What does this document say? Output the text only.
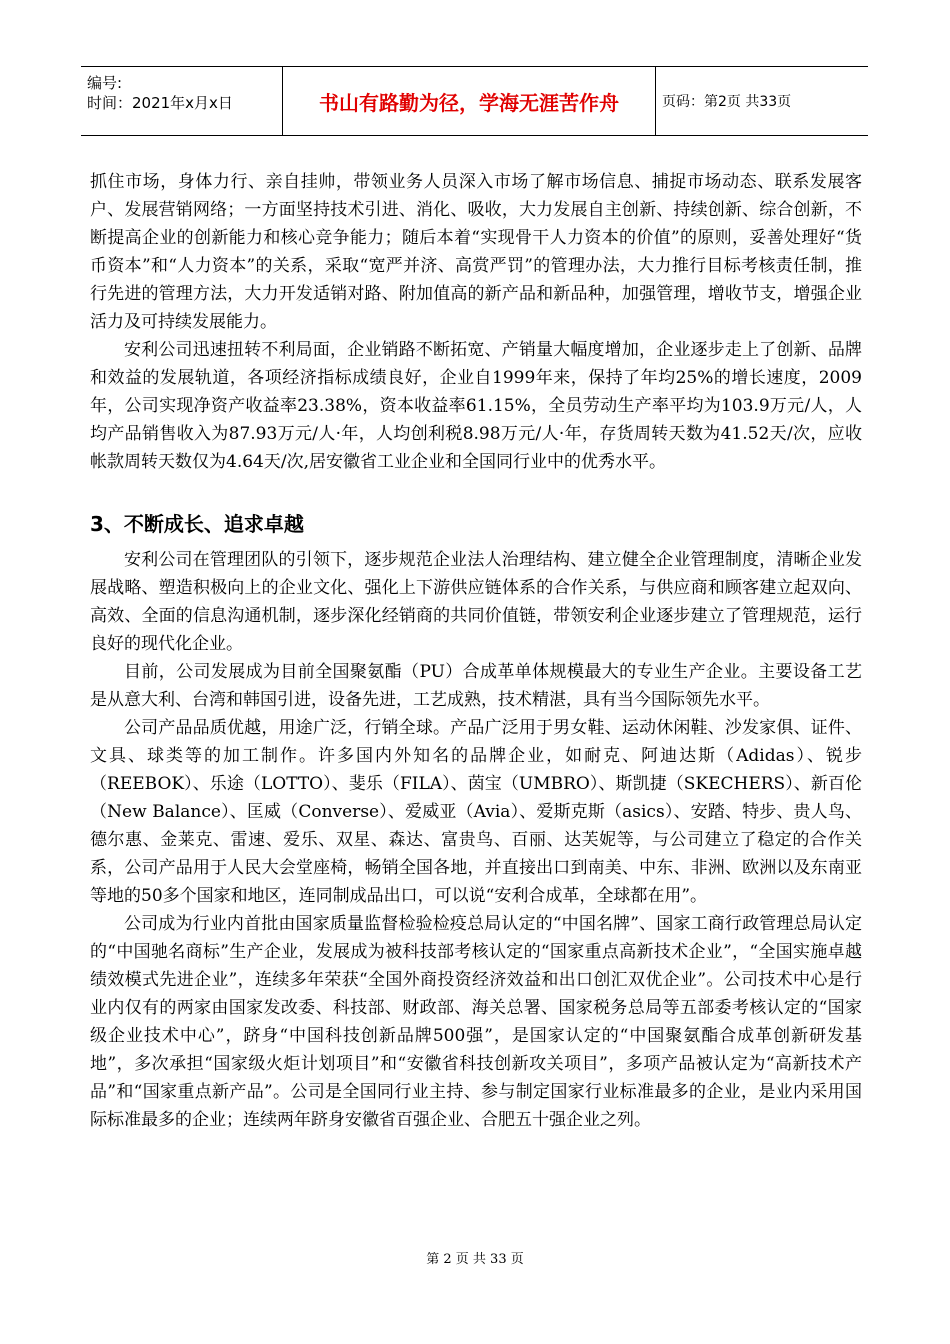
编号:
时间：2021年x月x日	书山有路勤为径，学海无涯苦作舟	页码：第2页 共33页

抓住市场，身体力行、亲自挂帅，带领业务人员深入市场了解市场信息、捕捉市场动态、联系发展客户、发展营销网络；一方面坚持技术引进、消化、吸收，大力发展自主创新、持续创新、综合创新，不断提高企业的创新能力和核心竞争能力；随后本着“实现骨干人力资本的价值”的原则，妥善处理好“货币资本”和“人力资本”的关系，采取“宽严并济、高赏严罚”的管理办法，大力推行目标考核责任制，推行先进的管理方法，大力开发适销对路、附加值高的新产品和新品种，加强管理，增收节支，增强企业活力及可持续发展能力。

安利公司迅速扭转不利局面，企业销路不断拓宽、产销量大幅度增加，企业逐步走上了创新、品牌和效益的发展轨道，各项经济指标成绩良好，企业自1999年来，保持了年均25%的增长速度，2009年，公司实现净资产收益率23.38%，资本收益率61.15%，全员劳动生产率平均为103.9万元/人，人均产品销售收入为87.93万元/人·年，人均创利税8.98万元/人·年，存货周转天数为41.52天/次，应收帐款周转天数仅为4.64天/次,居安徽省工业企业和全国同行业中的优秀水平。

3、不断成长、追求卓越

安利公司在管理团队的引领下，逐步规范企业法人治理结构、建立健全企业管理制度，清晰企业发展战略、塑造积极向上的企业文化、强化上下游供应链体系的合作关系，与供应商和顾客建立起双向、高效、全面的信息沟通机制，逐步深化经销商的共同价值链，带领安利企业逐步建立了管理规范，运行良好的现代化企业。

目前，公司发展成为目前全国聚氨酯（PU）合成革单体规模最大的专业生产企业。主要设备工艺是从意大利、台湾和韩国引进，设备先进，工艺成熟，技术精湛，具有当今国际领先水平。

公司产品品质优越，用途广泛，行销全球。产品广泛用于男女鞋、运动休闲鞋、沙发家俱、证件、文具、球类等的加工制作。许多国内外知名的品牌企业，如耐克、阿迪达斯（Adidas）、锐步（REEBOK）、乐途（LOTTO）、斐乐（FILA）、茵宝（UMBRO）、斯凯捷（SKECHERS）、新百伦（New Balance）、匡威（Converse）、爱威亚（Avia）、爱斯克斯（asics）、安踏、特步、贵人鸟、德尔惠、金莱克、雷速、爱乐、双星、森达、富贵鸟、百丽、达芙妮等，与公司建立了稳定的合作关系，公司产品用于人民大会堂座椅，畅销全国各地，并直接出口到南美、中东、非洲、欧洲以及东南亚等地的50多个国家和地区，连同制成品出口，可以说“安利合成革，全球都在用”。

公司成为行业内首批由国家质量监督检验检疫总局认定的“中国名牌”、国家工商行政管理总局认定的“中国驰名商标”生产企业，发展成为被科技部考核认定的“国家重点高新技术企业”，“全国实施卓越绩效模式先进企业”，连续多年荣获“全国外商投资经济效益和出口创汇双优企业”。公司技术中心是行业内仅有的两家由国家发改委、科技部、财政部、海关总署、国家税务总局等五部委考核认定的“国家级企业技术中心”，跻身“中国科技创新品牌500强”，是国家认定的“中国聚氨酯合成革创新研发基地”，多次承担“国家级火炬计划项目”和“安徽省科技创新攻关项目”，多项产品被认定为“高新技术产品”和“国家重点新产品”。公司是全国同行业主持、参与制定国家行业标准最多的企业，是业内采用国际标准最多的企业；连续两年跻身安徽省百强企业、合肥五十强企业之列。

第 2 页 共 33 页
